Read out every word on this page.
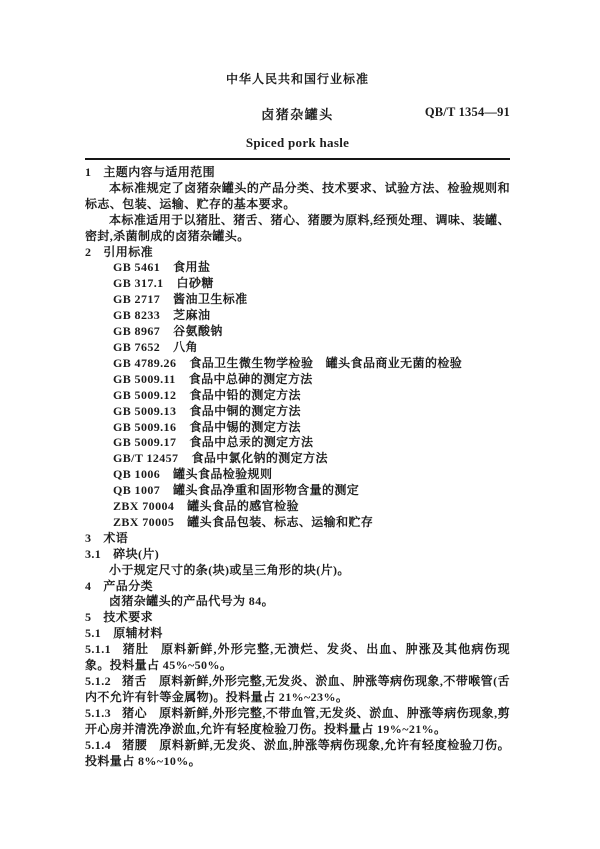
中华人民共和国行业标准
卤猪杂罐头	QB/T 1354—91
Spiced pork hasle
1 主题内容与适用范围
本标准规定了卤猪杂罐头的产品分类、技术要求、试验方法、检验规则和标志、包装、运输、贮存的基本要求。
本标准适用于以猪肚、猪舌、猪心、猪腰为原料,经预处理、调味、装罐、密封,杀菌制成的卤猪杂罐头。
2 引用标准
GB 5461 食用盐
GB 317.1 白砂糖
GB 2717 酱油卫生标准
GB 8233 芝麻油
GB 8967 谷氨酸钠
GB 7652 八角
GB 4789.26 食品卫生微生物学检验　罐头食品商业无菌的检验
GB 5009.11 食品中总砷的测定方法
GB 5009.12 食品中铅的测定方法
GB 5009.13 食品中铜的测定方法
GB 5009.16 食品中锡的测定方法
GB 5009.17 食品中总汞的测定方法
GB/T 12457 食品中氯化钠的测定方法
QB 1006 罐头食品检验规则
QB 1007 罐头食品净重和固形物含量的测定
ZBX 70004 罐头食品的感官检验
ZBX 70005 罐头食品包装、标志、运输和贮存
3 术语
3.1 碎块(片)
小于规定尺寸的条(块)或呈三角形的块(片)。
4 产品分类
卤猪杂罐头的产品代号为 84。
5 技术要求
5.1 原辅材料
5.1.1 猪肚 原料新鲜,外形完整,无溃烂、发炎、出血、肿涨及其他病伤现象。投料量占 45%~50%。
5.1.2 猪舌 原料新鲜,外形完整,无发炎、淤血、肿涨等病伤现象,不带喉管(舌内不允许有针等金属物)。投料量占 21%~23%。
5.1.3 猪心 原料新鲜,外形完整,不带血管,无发炎、淤血、肿涨等病伤现象,剪开心房并清洗净淤血,允许有轻度检验刀伤。投料量占 19%~21%。
5.1.4 猪腰 原料新鲜,无发炎、淤血,肿涨等病伤现象,允许有轻度检验刀伤。投料量占 8%~10%。
